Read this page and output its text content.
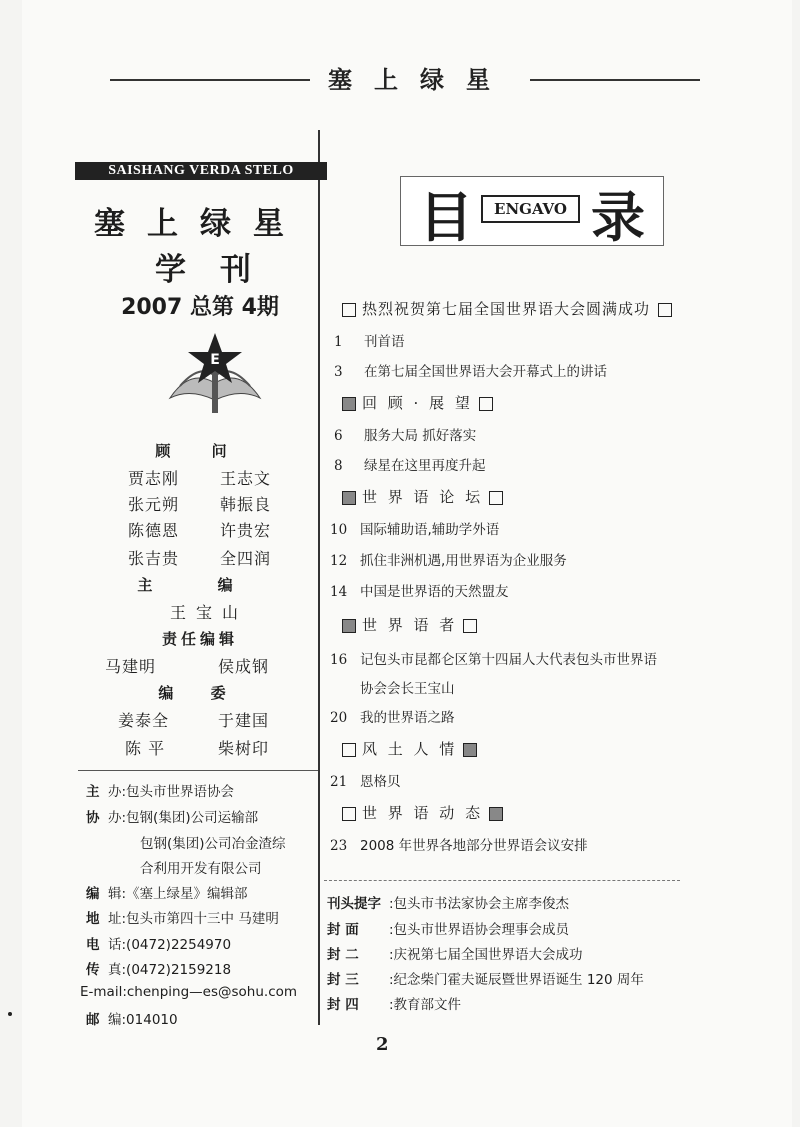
塞上绿星
SAISHANG VERDA STELO
塞上绿星
学刊
2007 总第 4期
E
顾 问
贾志刚	王志文
张元朔	韩振良
陈德恩	许贵宏
张吉贵	全四润
主 编
王宝山
责任编辑
马建明	侯成钢
编 委
姜泰全	于建国
陈 平	柴树印
主 办:包头市世界语协会
协 办:包钢(集团)公司运输部
包钢(集团)公司冶金渣综
合利用开发有限公司
编 辑:《塞上绿星》编辑部
地 址:包头市第四十三中 马建明
电 话:(0472)2254970
传 真:(0472)2159218
E-mail:chenping—es@sohu.com
邮 编:014010
目	ENGAVO 录
热烈祝贺第七届全国世界语大会圆满成功
1 刊首语
3 在第七届全国世界语大会开幕式上的讲话
回 顾 · 展 望
6 服务大局 抓好落实
8 绿星在这里再度升起
世 界 语 论 坛
10 国际辅助语,辅助学外语
12 抓住非洲机遇,用世界语为企业服务
14 中国是世界语的天然盟友
世 界 语 者
16 记包头市昆都仑区第十四届人大代表包头市世界语
协会会长王宝山
20 我的世界语之路
风 土 人 情
21 恩格贝
世 界 语 动 态
23 2008 年世界各地部分世界语会议安排
刊头提字 :包头市书法家协会主席李俊杰
封 面 :包头市世界语协会理事会成员
封 二 :庆祝第七届全国世界语大会成功
封 三 :纪念柴门霍夫诞辰暨世界语诞生 120 周年
封 四 :教育部文件
2
